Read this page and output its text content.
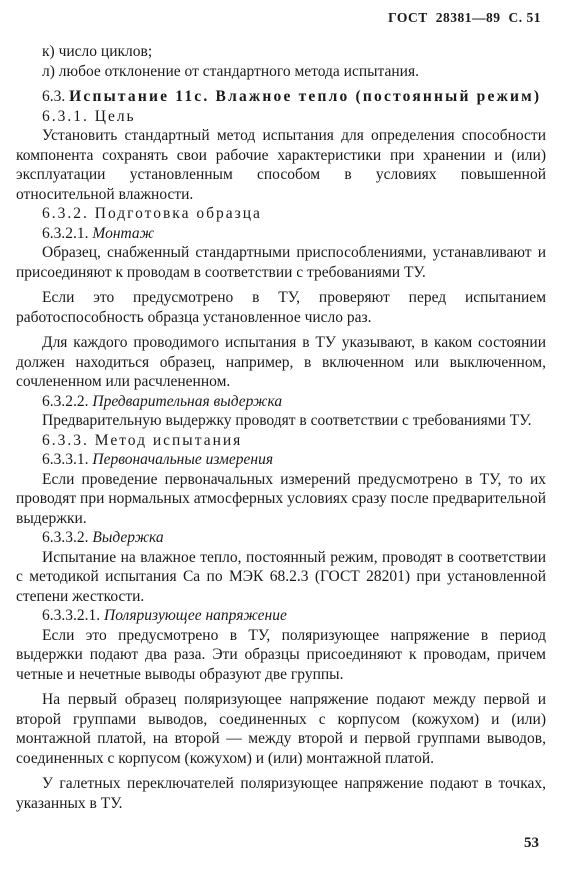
ГОСТ 28381—89 С. 51

к) число циклов;

л) любое отклонение от стандартного метода испытания.

6.3. Испытание 11с. Влажное тепло (постоянный режим)

6.3.1. Цель

Установить стандартный метод испытания для определения способности компонента сохранять свои рабочие характеристики при хранении и (или) эксплуатации установленным способом в условиях повышенной относительной влажности.

6.3.2. Подготовка образца

6.3.2.1. Монтаж

Образец, снабженный стандартными приспособлениями, устанавливают и присоединяют к проводам в соответствии с требованиями ТУ.

Если это предусмотрено в ТУ, проверяют перед испытанием работоспособность образца установленное число раз.

Для каждого проводимого испытания в ТУ указывают, в каком состоянии должен находиться образец, например, в включенном или выключенном, сочлененном или расчлененном.

6.3.2.2. Предварительная выдержка

Предварительную выдержку проводят в соответствии с требованиями ТУ.

6.3.3. Метод испытания

6.3.3.1. Первоначальные измерения

Если проведение первоначальных измерений предусмотрено в ТУ, то их проводят при нормальных атмосферных условиях сразу после предварительной выдержки.

6.3.3.2. Выдержка

Испытание на влажное тепло, постоянный режим, проводят в соответствии с методикой испытания Са по МЭК 68.2.3 (ГОСТ 28201) при установленной степени жесткости.

6.3.3.2.1. Поляризующее напряжение

Если это предусмотрено в ТУ, поляризующее напряжение в период выдержки подают два раза. Эти образцы присоединяют к проводам, причем четные и нечетные выводы образуют две группы.

На первый образец поляризующее напряжение подают между первой и второй группами выводов, соединенных с корпусом (кожухом) и (или) монтажной платой, на второй — между второй и первой группами выводов, соединенных с корпусом (кожухом) и (или) монтажной платой.

У галетных переключателей поляризующее напряжение подают в точках, указанных в ТУ.

53
